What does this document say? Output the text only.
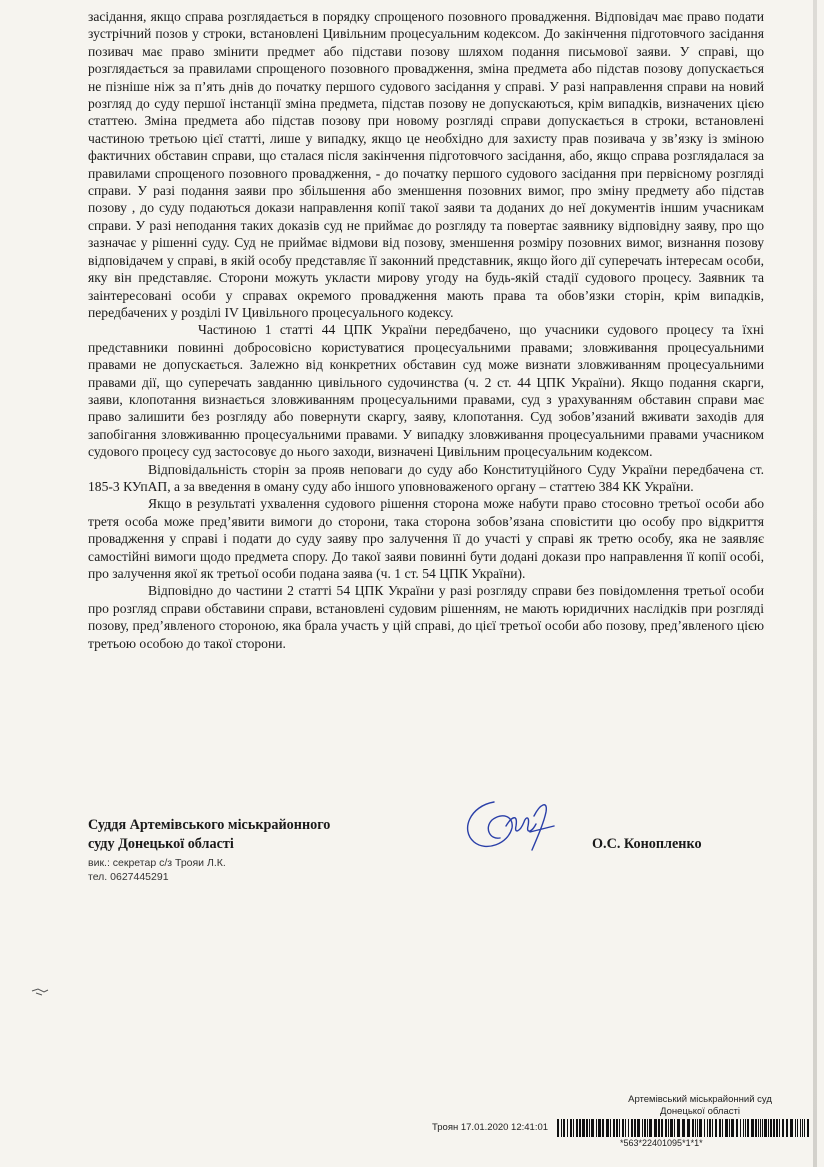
засідання, якщо справа розглядається в порядку спрощеного позовного провадження. Відповідач має право подати зустрічний позов у строки, встановлені Цивільним процесуальним кодексом. До закінчення підготовчого засідання позивач має право змінити предмет або підстави позову шляхом подання письмової заяви. У справі, що розглядається за правилами спрощеного позовного провадження, зміна предмета або підстав позову допускається не пізніше ніж за п’ять днів до початку першого судового засідання у справі. У разі направлення справи на новий розгляд до суду першої інстанції зміна предмета, підстав позову не допускаються, крім випадків, визначених цією статтею. Зміна предмета або підстав позову при новому розгляді справи допускається в строки, встановлені частиною третьою цієї статті, лише у випадку, якщо це необхідно для захисту прав позивача у зв’язку із зміною фактичних обставин справи, що сталася після закінчення підготовчого засідання, або, якщо справа розглядалася за правилами спрощеного позовного провадження, - до початку першого судового засідання при первісному розгляді справи. У разі подання заяви про збільшення або зменшення позовних вимог, про зміну предмету або підстав позову , до суду подаються докази направлення копії такої заяви та доданих до неї документів іншим учасникам справи. У разі неподання таких доказів суд не приймає до розгляду та повертає заявнику відповідну заяву, про що зазначає у рішенні суду. Суд не приймає відмови від позову, зменшення розміру позовних вимог, визнання позову відповідачем у справі, в якій особу представляє її законний представник, якщо його дії суперечать інтересам особи, яку він представляє. Сторони можуть укласти мирову угоду на будь-якій стадії судового процесу. Заявник та заінтересовані особи у справах окремого провадження мають права та обов’язки сторін, крім випадків, передбачених у розділі IV Цивільного процесуального кодексу.

Частиною 1 статті 44 ЦПК України передбачено, що учасники судового процесу та їхні представники повинні добросовісно користуватися процесуальними правами; зловживання процесуальними правами не допускається. Залежно від конкретних обставин суд може визнати зловживанням процесуальними правами дії, що суперечать завданню цивільного судочинства (ч. 2 ст. 44 ЦПК України). Якщо подання скарги, заяви, клопотання визнається зловживанням процесуальними правами, суд з урахуванням обставин справи має право залишити без розгляду або повернути скаргу, заяву, клопотання. Суд зобов’язаний вживати заходів для запобігання зловживанню процесуальними правами. У випадку зловживання процесуальними правами учасником судового процесу суд застосовує до нього заходи, визначені Цивільним процесуальним кодексом.

Відповідальність сторін за прояв неповаги до суду або Конституційного Суду України передбачена ст. 185-3 КУпАП, а за введення в оману суду або іншого уповноваженого органу – статтею 384 КК України.

Якщо в результаті ухвалення судового рішення сторона може набути право стосовно третьої особи або третя особа може пред’явити вимоги до сторони, така сторона зобов’язана сповістити цю особу про відкриття провадження у справі і подати до суду заяву про залучення її до участі у справі як третю особу, яка не заявляє самостійні вимоги щодо предмета спору. До такої заяви повинні бути додані докази про направлення її копії особі, про залучення якої як третьої особи подана заява (ч. 1 ст. 54 ЦПК України).

Відповідно до частини 2 статті 54 ЦПК України у разі розгляду справи без повідомлення третьої особи про розгляд справи обставини справи, встановлені судовим рішенням, не мають юридичних наслідків при розгляді позову, пред’явленого стороною, яка брала участь у цій справі, до цієї третьої особи або позову, пред’явленого цією третьою особою до такої сторони.

Суддя Артемівського міськрайонного
суду Донецької області	О.С. Конопленко
вик.: секретар с/з Трояи Л.К.
тел. 0627445291
Артемівський міськрайонний суд
Донецької області
Троян 17.01.2020 12:41:01
*563*22401095*1*1*
